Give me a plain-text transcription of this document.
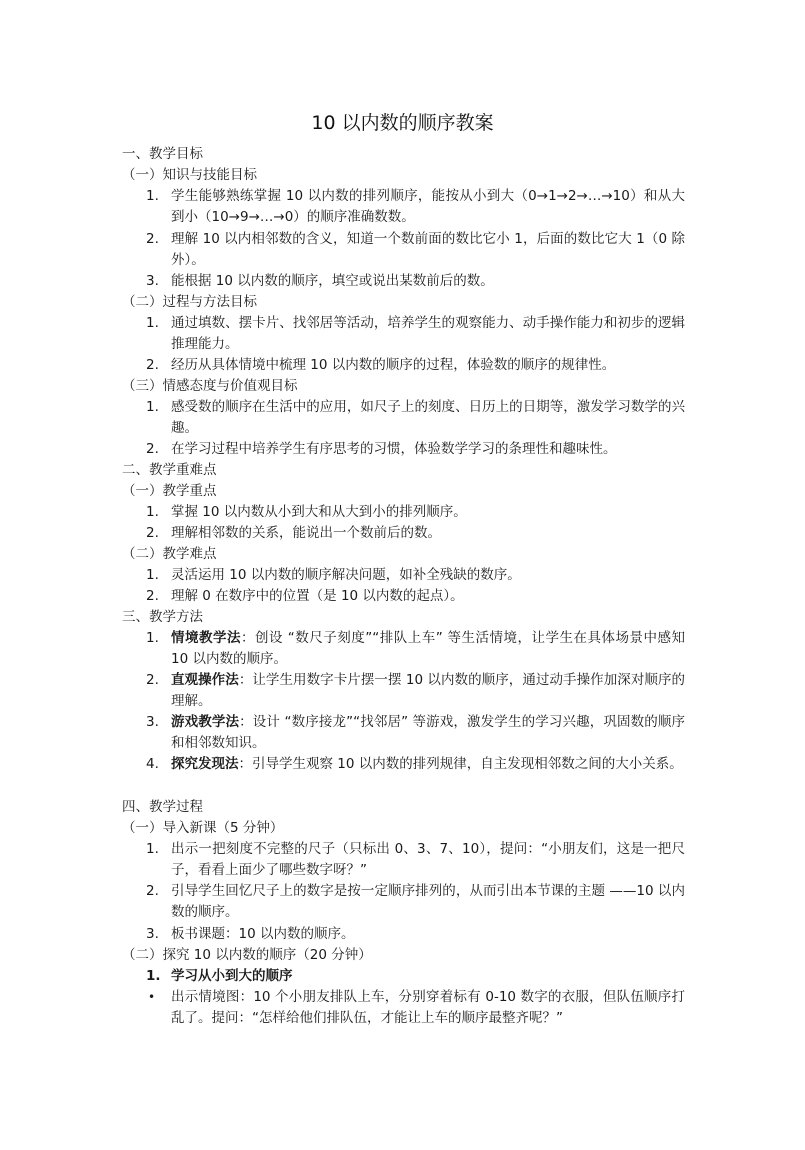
10 以内数的顺序教案
一、教学目标
（一）知识与技能目标
1. 学生能够熟练掌握 10 以内数的排列顺序，能按从小到大（0→1→2→…→10）和从大到小（10→9→…→0）的顺序准确数数。
2. 理解 10 以内相邻数的含义，知道一个数前面的数比它小 1，后面的数比它大 1（0 除外）。
3. 能根据 10 以内数的顺序，填空或说出某数前后的数。
（二）过程与方法目标
1. 通过填数、摆卡片、找邻居等活动，培养学生的观察能力、动手操作能力和初步的逻辑推理能力。
2. 经历从具体情境中梳理 10 以内数的顺序的过程，体验数的顺序的规律性。
（三）情感态度与价值观目标
1. 感受数的顺序在生活中的应用，如尺子上的刻度、日历上的日期等，激发学习数学的兴趣。
2. 在学习过程中培养学生有序思考的习惯，体验数学学习的条理性和趣味性。
二、教学重难点
（一）教学重点
1. 掌握 10 以内数从小到大和从大到小的排列顺序。
2. 理解相邻数的关系，能说出一个数前后的数。
（二）教学难点
1. 灵活运用 10 以内数的顺序解决问题，如补全残缺的数序。
2. 理解 0 在数序中的位置（是 10 以内数的起点）。
三、教学方法
1. 情境教学法：创设 “数尺子刻度”“排队上车” 等生活情境，让学生在具体场景中感知 10 以内数的顺序。
2. 直观操作法：让学生用数字卡片摆一摆 10 以内数的顺序，通过动手操作加深对顺序的理解。
3. 游戏教学法：设计 “数序接龙”“找邻居” 等游戏，激发学生的学习兴趣，巩固数的顺序和相邻数知识。
4. 探究发现法：引导学生观察 10 以内数的排列规律，自主发现相邻数之间的大小关系。
四、教学过程
（一）导入新课（5 分钟）
1. 出示一把刻度不完整的尺子（只标出 0、3、7、10），提问：“小朋友们，这是一把尺子，看看上面少了哪些数字呀？”
2. 引导学生回忆尺子上的数字是按一定顺序排列的，从而引出本节课的主题 ——10 以内数的顺序。
3. 板书课题：10 以内数的顺序。
（二）探究 10 以内数的顺序（20 分钟）
1. 学习从小到大的顺序
• 出示情境图：10 个小朋友排队上车，分别穿着标有 0-10 数字的衣服，但队伍顺序打乱了。提问：“怎样给他们排队伍，才能让上车的顺序最整齐呢？”
